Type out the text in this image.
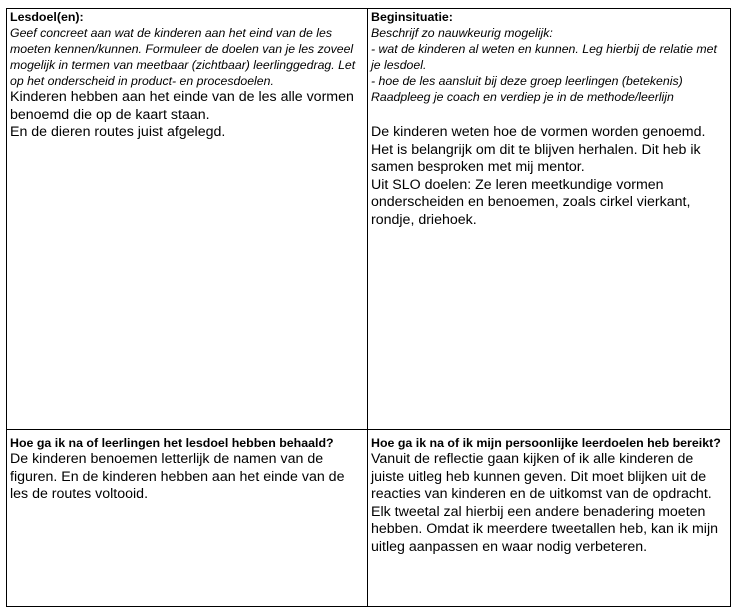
Lesdoel(en):
Geef concreet aan wat de kinderen aan het eind van de les moeten kennen/kunnen. Formuleer de doelen van je les zoveel mogelijk in termen van meetbaar (zichtbaar) leerlinggedrag. Let op het onderscheid in product- en procesdoelen.

Kinderen hebben aan het einde van de les alle vormen benoemd die op de kaart staan.

En de dieren routes juist afgelegd.

Beginsituatie:
Beschrijf zo nauwkeurig mogelijk:
- wat de kinderen al weten en kunnen. Leg hierbij de relatie met je lesdoel.
- hoe de les aansluit bij deze groep leerlingen (betekenis)
Raadpleeg je coach en verdiep je in de methode/leerlijn

De kinderen weten hoe de vormen worden genoemd. Het is belangrijk om dit te blijven herhalen. Dit heb ik samen besproken met mij mentor.

Uit SLO doelen: Ze leren meetkundige vormen onderscheiden en benoemen, zoals cirkel vierkant, rondje, driehoek.

Hoe ga ik na of leerlingen het lesdoel hebben behaald?
De kinderen benoemen letterlijk de namen van de figuren. En de kinderen hebben aan het einde van de les de routes voltooid.
Hoe ga ik na of ik mijn persoonlijke leerdoelen heb bereikt?
Vanuit de reflectie gaan kijken of ik alle kinderen de juiste uitleg heb kunnen geven. Dit moet blijken uit de reacties van kinderen en de uitkomst van de opdracht. Elk tweetal zal hierbij een andere benadering moeten hebben. Omdat ik meerdere tweetallen heb, kan ik mijn uitleg aanpassen en waar nodig verbeteren.
